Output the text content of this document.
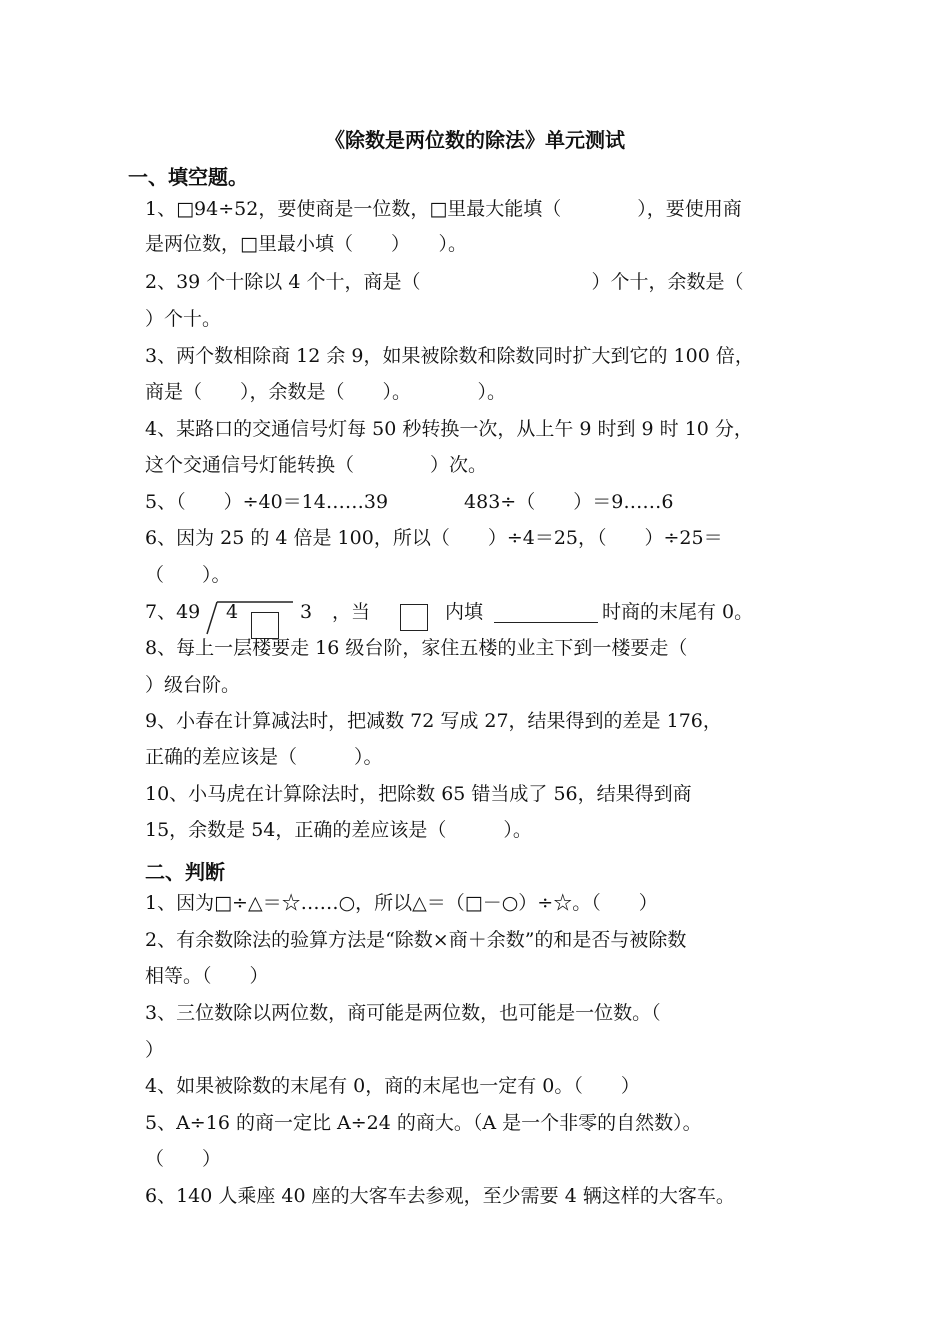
《除数是两位数的除法》单元测试
一、填空题。
1、□94÷52，要使商是一位数，□里最大能填（　　　　），要使用商
是两位数，□里最小填（　　）　　）。
2、39 个十除以 4 个十，商是（　　　　　　　　　）个十，余数是（
）个十。
3、两个数相除商 12 余 9，如果被除数和除数同时扩大到它的 100 倍，
商是（　　），余数是（　　）。　　　　）。
4、某路口的交通信号灯每 50 秒转换一次，从上午 9 时到 9 时 10 分，
这个交通信号灯能转换（　　　　）次。
5、（　　）÷40＝14……39　　　　483÷（　　）＝9……6
6、因为 25 的 4 倍是 100，所以（　　）÷4＝25，（　　）÷25＝
（　　）。
7、49 4	3 ，当	内填	时商的末尾有 0。
8、每上一层楼要走 16 级台阶，家住五楼的业主下到一楼要走（
）级台阶。
9、小春在计算减法时，把减数 72 写成 27，结果得到的差是 176，
正确的差应该是（　　　）。
10、小马虎在计算除法时，把除数 65 错当成了 56，结果得到商
15，余数是 54，正确的差应该是（　　　）。
二、判断
1、因为□÷△＝☆……○，所以△＝（□－○）÷☆。（　　）
2、有余数除法的验算方法是“除数×商＋余数”的和是否与被除数
相等。（　　）
3、三位数除以两位数，商可能是两位数，也可能是一位数。（
）
4、如果被除数的末尾有 0，商的末尾也一定有 0。（　　）
5、A÷16 的商一定比 A÷24 的商大。（A 是一个非零的自然数）。
（　　）
6、140 人乘座 40 座的大客车去参观，至少需要 4 辆这样的大客车。
